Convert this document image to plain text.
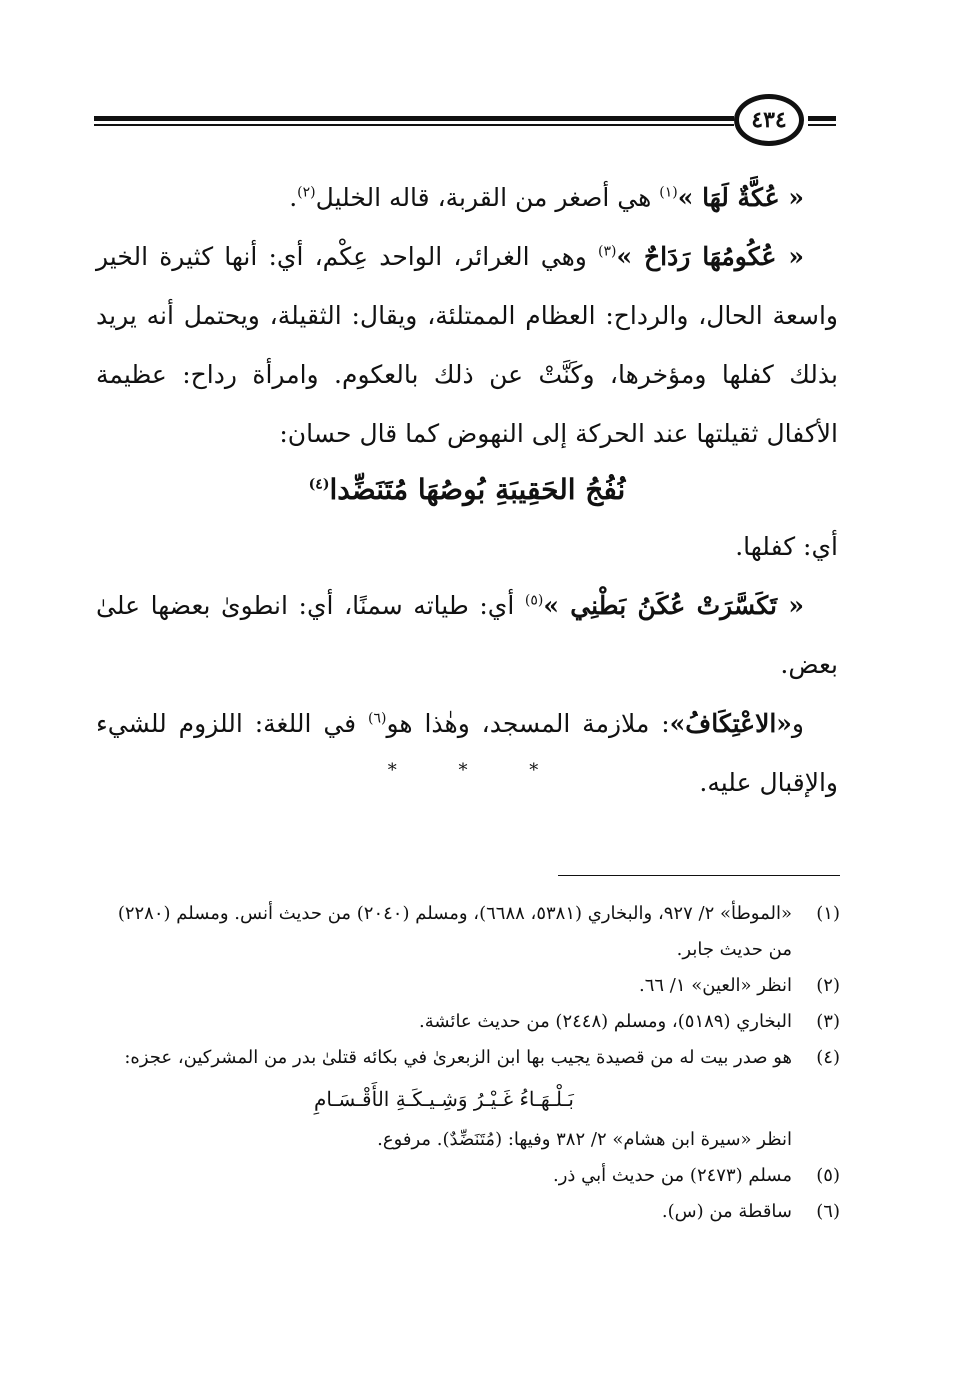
٤٣٤

« عُكَّةٌ لَهَا »$^{(١)}$ هي أصغر من القربة، قاله الخليل$^{(٢)}$.

« عُكُومُهَا رَدَاحٌ »$^{(٣)}$ وهي الغرائر، الواحد عِكْم، أي: أنها كثيرة الخير واسعة الحال، والرداح: العظام الممتلئة، ويقال: الثقيلة، ويحتمل أنه يريد بذلك كفلها ومؤخرها، وكَنَّتْ عن ذلك بالعكوم. وامرأة رداح: عظيمة الأكفال ثقيلتها عند الحركة إلى النهوض كما قال حسان:

نُفُجُ الحَقِيبَةِ بُوصُهَا مُتَنَضِّدا$^{(٤)}$

أي: كفلها.

« تَكَسَّرَتْ عُكَنُ بَطْنِي »$^{(٥)}$ أي: طياته سمنًا، أي: انطوىٰ بعضها علىٰ بعض.

و«الاعْتِكَافُ»: ملازمة المسجد، وهٰذا هو$^{(٦)}$ في اللغة: اللزوم للشيء والإقبال عليه.

* * *

(١)
«الموطأ» ٢/ ٩٢٧، والبخاري (٥٣٨١، ٦٦٨٨)، ومسلم (٢٠٤٠) من حديث أنس. ومسلم (٢٢٨٠) من حديث جابر.

(٢)
انظر «العين» ١/ ٦٦.

(٣)
البخاري (٥١٨٩)، ومسلم (٢٤٤٨) من حديث عائشة.

(٤)
هو صدر بيت له من قصيدة يجيب بها ابن الزبعرىٰ في بكائه قتلىٰ بدر من المشركين، عجزه:

بَـلْـهَـاءُ غَـيْـرُ وَشِـيـكَـةِ الأَقْـسَـامِ

انظر «سيرة ابن هشام» ٢/ ٣٨٢ وفيها: (مُتَنَضِّدٌ). مرفوع.

(٥)
مسلم (٢٤٧٣) من حديث أبي ذر.

(٦)
ساقطة من (س).
